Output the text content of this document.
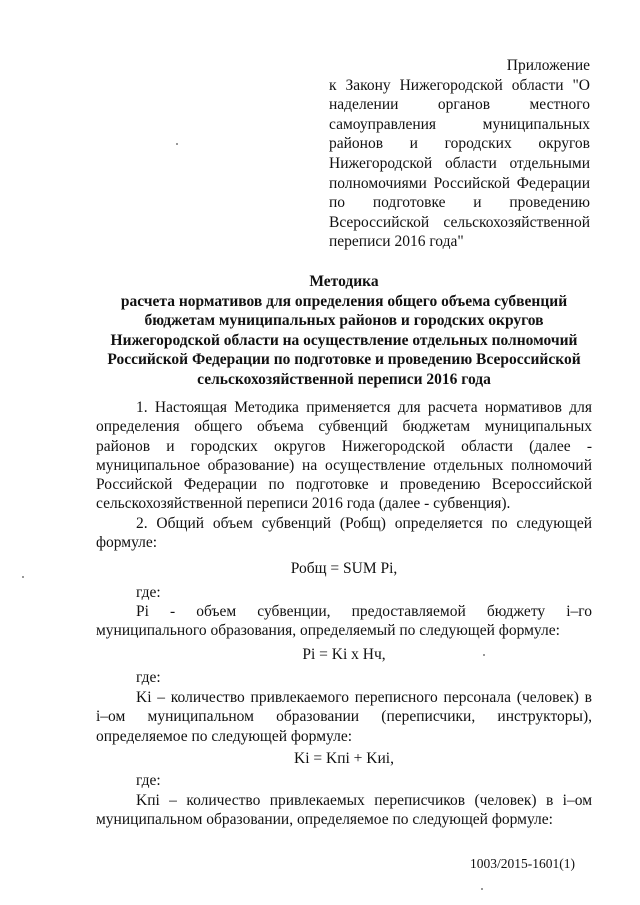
Приложение
к Закону Нижегородской области "О
наделении органов местного
самоуправления муниципальных
районов и городских округов
Нижегородской области отдельными
полномочиями Российской Федерации
по подготовке и проведению
Всероссийской сельскохозяйственной
переписи 2016 года"
Методика
расчета нормативов для определения общего объема субвенций
бюджетам муниципальных районов и городских округов
Нижегородской области на осуществление отдельных полномочий
Российской Федерации по подготовке и проведению Всероссийской
сельскохозяйственной переписи 2016 года
1. Настоящая Методика применяется для расчета нормативов для
определения общего объема субвенций бюджетам муниципальных
районов и городских округов Нижегородской области (далее -
муниципальное образование) на осуществление отдельных полномочий
Российской Федерации по подготовке и проведению Всероссийской
сельскохозяйственной переписи 2016 года (далее - субвенция).
2. Общий объем субвенций (Робщ) определяется по следующей
формуле:
Робщ = SUM Pi,
где:
Pi - объем субвенции, предоставляемой бюджету i–го
муниципального образования, определяемый по следующей формуле:
Pi = Ki x Нч,
где:
Ki – количество привлекаемого переписного персонала (человек) в
i–ом муниципальном образовании (переписчики, инструкторы),
определяемое по следующей формуле:
Ki = Kпi + Kиi,
где:
Kпi – количество привлекаемых переписчиков (человек) в i–ом
муниципальном образовании, определяемое по следующей формуле:
1003/2015-1601(1)
